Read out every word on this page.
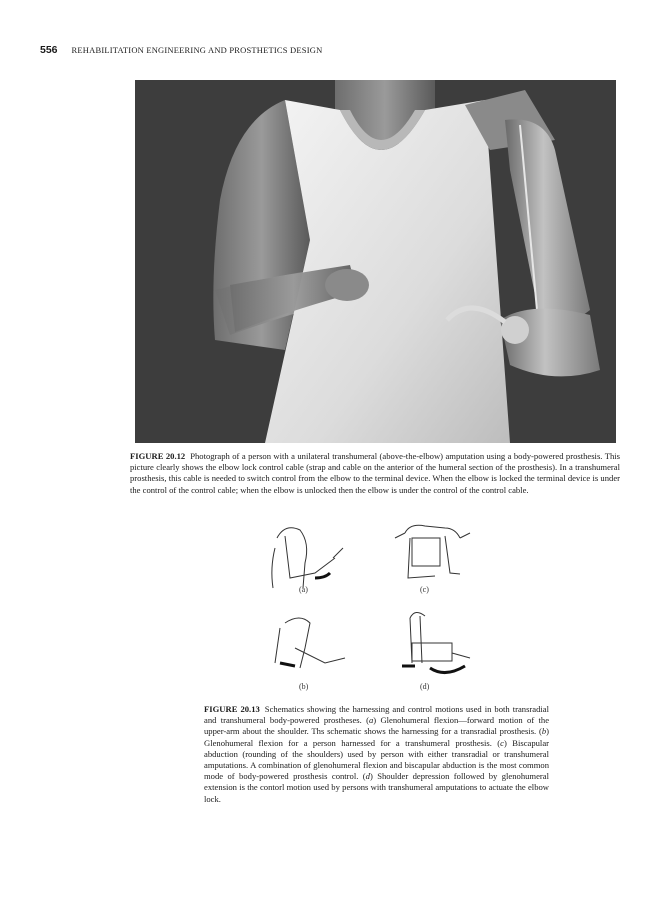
556 REHABILITATION ENGINEERING AND PROSTHETICS DESIGN

FIGURE 20.12 Photograph of a person with a unilateral transhumeral (above-the-elbow) amputation using a body-powered prosthesis. This picture clearly shows the elbow lock control cable (strap and cable on the anterior of the humeral section of the prosthesis). In a transhumeral prosthesis, this cable is needed to switch control from the elbow to the terminal device. When the elbow is locked the terminal device is under the control of the control cable; when the elbow is unlocked then the elbow is under the control of the control cable.

(a)	(c)
(b)	(d)

FIGURE 20.13 Schematics showing the harnessing and control motions used in both transradial and transhumeral body-powered prostheses. (a) Glenohumeral flexion—forward motion of the upper-arm about the shoulder. Ths schematic shows the harnessing for a transradial prosthesis. (b) Glenohumeral flexion for a person harnessed for a transhumeral prosthesis. (c) Biscapular abduction (rounding of the shoulders) used by person with either transradial or transhumeral amputations. A combination of glenohumeral flexion and biscapular abduction is the most common mode of body-powered prosthesis control. (d) Shoulder depression followed by glenohumeral extension is the contorl motion used by persons with transhumeral amputations to actuate the elbow lock.
